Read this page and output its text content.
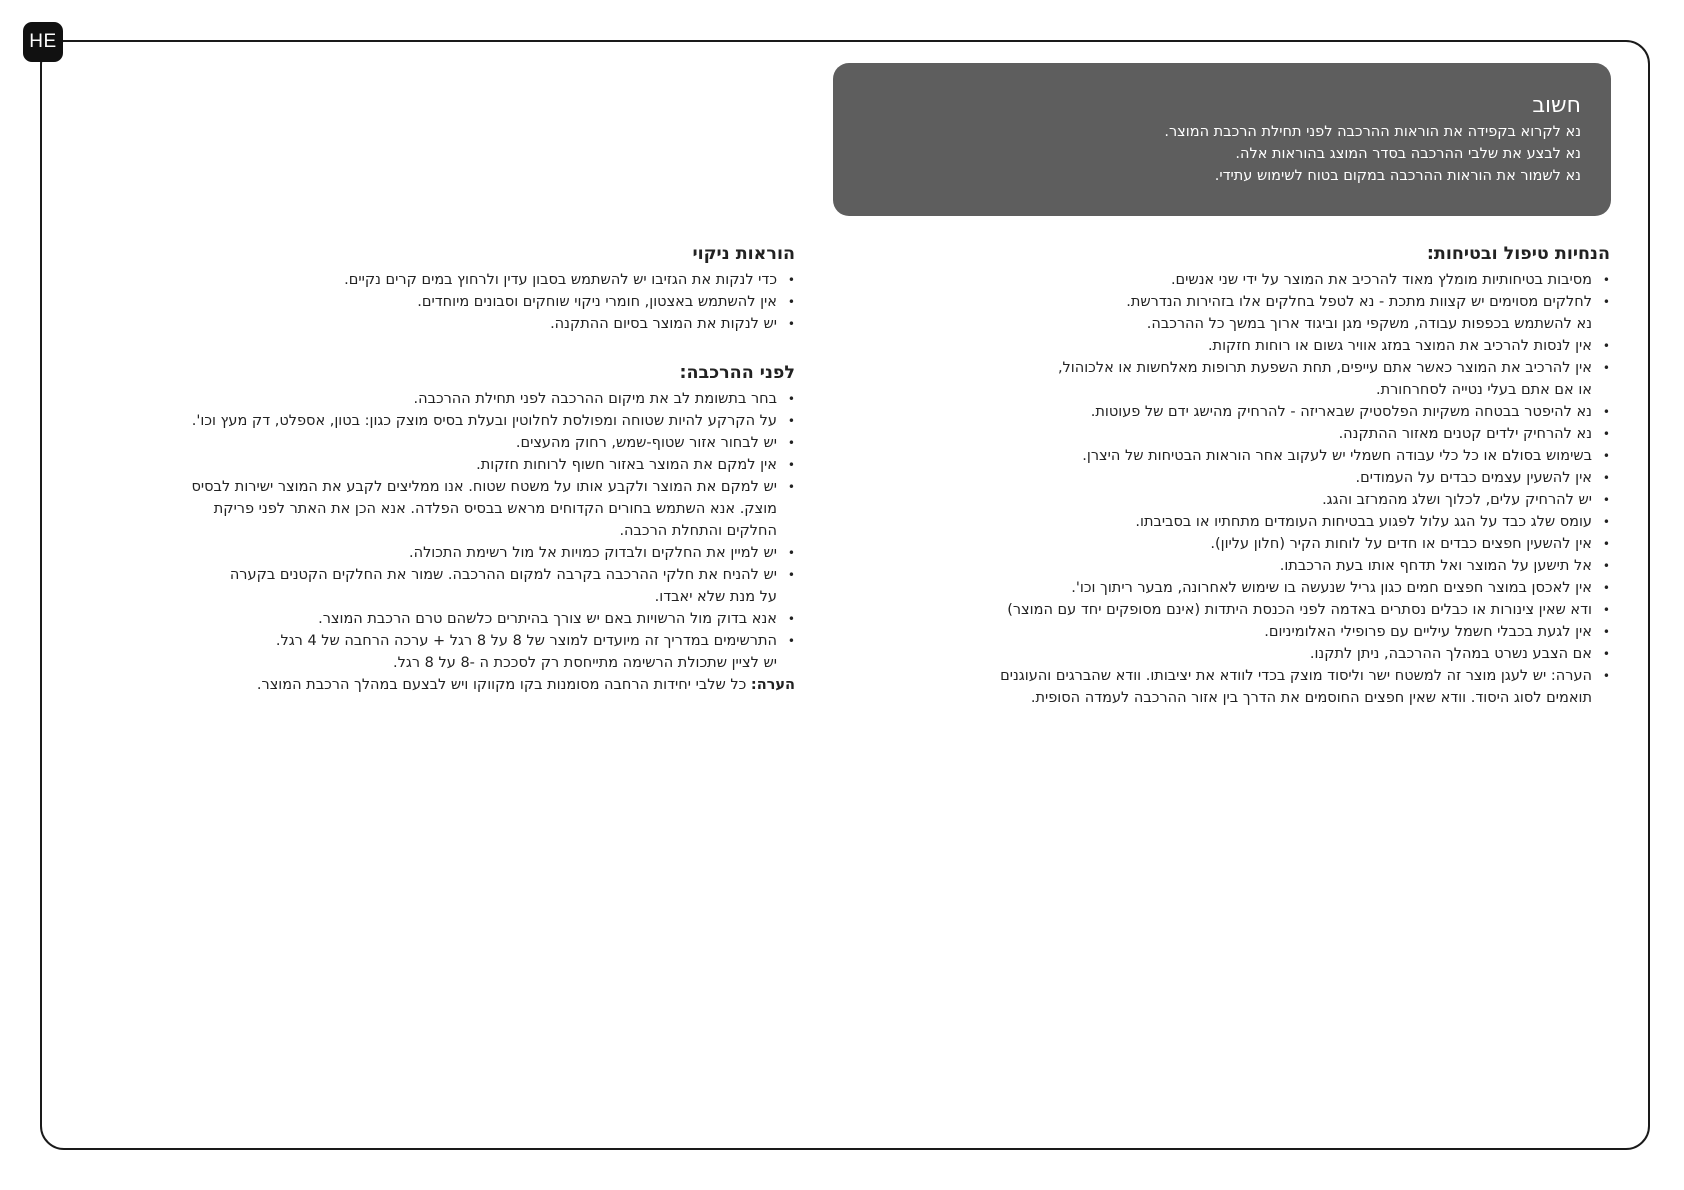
HE
חשוב

נא לקרוא בקפידה את הוראות ההרכבה לפני תחילת הרכבת המוצר.

נא לבצע את שלבי ההרכבה בסדר המוצג בהוראות אלה.

נא לשמור את הוראות ההרכבה במקום בטוח לשימוש עתידי.

הנחיות טיפול ובטיחות:
• מסיבות בטיחותיות מומלץ מאוד להרכיב את המוצר על ידי שני אנשים.
• לחלקים מסוימים יש קצוות מתכת - נא לטפל בחלקים אלו בזהירות הנדרשת.
נא להשתמש בכפפות עבודה, משקפי מגן וביגוד ארוך במשך כל ההרכבה.
• אין לנסות להרכיב את המוצר במזג אוויר גשום או רוחות חזקות.
• אין להרכיב את המוצר כאשר אתם עייפים, תחת השפעת תרופות מאלחשות או אלכוהול,
או אם אתם בעלי נטייה לסחרחורת.
• נא להיפטר בבטחה משקיות הפלסטיק שבאריזה - להרחיק מהישג ידם של פעוטות.
• נא להרחיק ילדים קטנים מאזור ההתקנה.
• בשימוש בסולם או כל כלי עבודה חשמלי יש לעקוב אחר הוראות הבטיחות של היצרן.
• אין להשעין עצמים כבדים על העמודים.
• יש להרחיק עלים, לכלוך ושלג מהמרזב והגג.
• עומס שלג כבד על הגג עלול לפגוע בבטיחות העומדים מתחתיו או בסביבתו.
• אין להשעין חפצים כבדים או חדים על לוחות הקיר (חלון עליון).
• אל תישען על המוצר ואל תדחף אותו בעת הרכבתו.
• אין לאכסן במוצר חפצים חמים כגון גריל שנעשה בו שימוש לאחרונה, מבער ריתוך וכו'.
• ודא שאין צינורות או כבלים נסתרים באדמה לפני הכנסת היתדות (אינם מסופקים יחד עם המוצר)
• אין לגעת בכבלי חשמל עיליים עם פרופילי האלומיניום.
• אם הצבע נשרט במהלך ההרכבה, ניתן לתקנו.
• הערה: יש לעגן מוצר זה למשטח ישר וליסוד מוצק בכדי לוודא את יציבותו. וודא שהברגים והעוגנים
תואמים לסוג היסוד. וודא שאין חפצים החוסמים את הדרך בין אזור ההרכבה לעמדה הסופית.
הוראות ניקוי
• כדי לנקות את הגזיבו יש להשתמש בסבון עדין ולרחוץ במים קרים נקיים.
• אין להשתמש באצטון, חומרי ניקוי שוחקים וסבונים מיוחדים.
• יש לנקות את המוצר בסיום ההתקנה.
לפני ההרכבה:
• בחר בתשומת לב את מיקום ההרכבה לפני תחילת ההרכבה.
• על הקרקע להיות שטוחה ומפולסת לחלוטין ובעלת בסיס מוצק כגון: בטון, אספלט, דק מעץ וכו'.
• יש לבחור אזור שטוף-שמש, רחוק מהעצים.
• אין למקם את המוצר באזור חשוף לרוחות חזקות.
• יש למקם את המוצר ולקבע אותו על משטח שטוח. אנו ממליצים לקבע את המוצר ישירות לבסיס
מוצק. אנא השתמש בחורים הקדוחים מראש בבסיס הפלדה. אנא הכן את האתר לפני פריקת
החלקים והתחלת הרכבה.
• יש למיין את החלקים ולבדוק כמויות אל מול רשימת התכולה.
• יש להניח את חלקי ההרכבה בקרבה למקום ההרכבה. שמור את החלקים הקטנים בקערה
על מנת שלא יאבדו.
• אנא בדוק מול הרשויות באם יש צורך בהיתרים כלשהם טרם הרכבת המוצר.
• התרשימים במדריך זה מיועדים למוצר של 8 על 8 רגל + ערכה הרחבה של 4 רגל.
יש לציין שתכולת הרשימה מתייחסת רק לסככת ה -8 על 8 רגל.

הערה: כל שלבי יחידות הרחבה מסומנות בקו מקווקו ויש לבצעם במהלך הרכבת המוצר.
